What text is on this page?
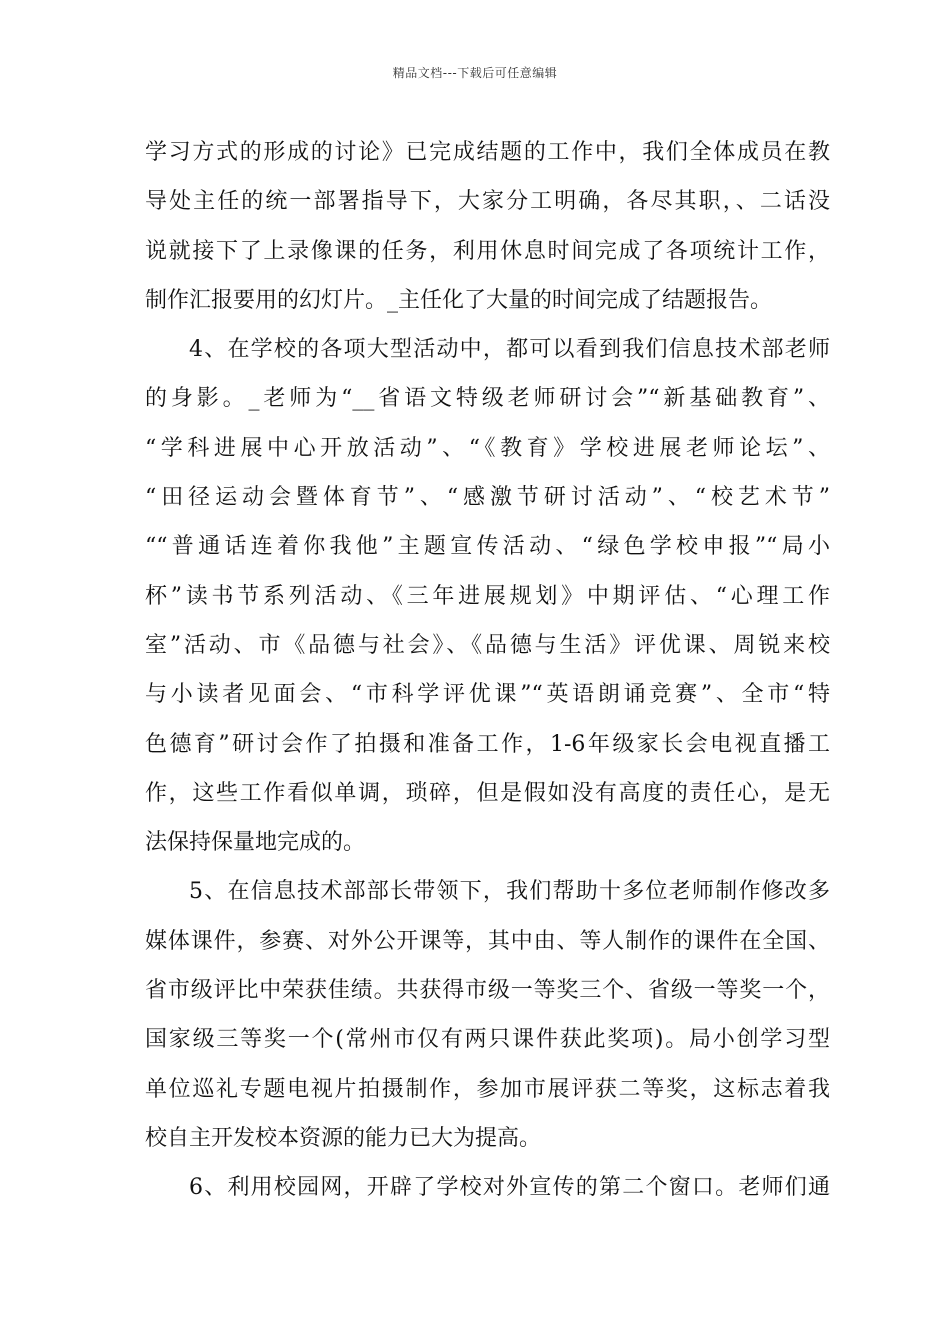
精品文档---下载后可任意编辑
学习方式的形成的讨论》已完成结题的工作中，我们全体成员在教
导处主任的统一部署指导下，大家分工明确，各尽其职，、二话没
说就接下了上录像课的任务，利用休息时间完成了各项统计工作，
制作汇报要用的幻灯片。_主任化了大量的时间完成了结题报告。
4、在学校的各项大型活动中，都可以看到我们信息技术部老师
的身影。_老师为“__省语文特级老师研讨会”“新基础教育”、
“学科进展中心开放活动”、“《教育》学校进展老师论坛”、
“田径运动会暨体育节”、“感激节研讨活动”、“校艺术节”
““普通话连着你我他”主题宣传活动、“绿色学校申报”“局小
杯”读书节系列活动、《三年进展规划》中期评估、“心理工作
室”活动、市《品德与社会》、《品德与生活》评优课、周锐来校
与小读者见面会、“市科学评优课”“英语朗诵竞赛”、全市“特
色德育”研讨会作了拍摄和准备工作，1-6年级家长会电视直播工
作，这些工作看似单调，琐碎，但是假如没有高度的责任心，是无
法保持保量地完成的。
5、在信息技术部部长带领下，我们帮助十多位老师制作修改多
媒体课件，参赛、对外公开课等，其中由、等人制作的课件在全国、
省市级评比中荣获佳绩。共获得市级一等奖三个、省级一等奖一个，
国家级三等奖一个(常州市仅有两只课件获此奖项)。局小创学习型
单位巡礼专题电视片拍摄制作，参加市展评获二等奖，这标志着我
校自主开发校本资源的能力已大为提高。
6、利用校园网，开辟了学校对外宣传的第二个窗口。老师们通
